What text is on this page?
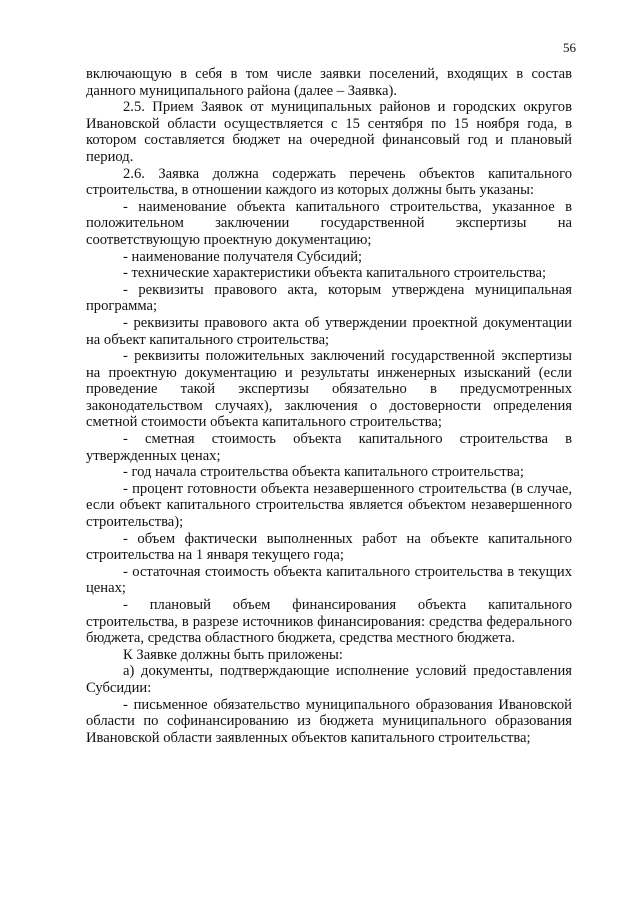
56

включающую в себя в том числе заявки поселений, входящих в состав данного муниципального района (далее – Заявка).

2.5. Прием Заявок от муниципальных районов и городских округов Ивановской области осуществляется с 15 сентября по 15 ноября года, в котором составляется бюджет на очередной финансовый год и плановый период.

2.6. Заявка должна содержать перечень объектов капитального строительства, в отношении каждого из которых должны быть указаны:

- наименование объекта капитального строительства, указанное в положительном заключении государственной экспертизы на соответствующую проектную документацию;

- наименование получателя Субсидий;

- технические характеристики объекта капитального строительства;

- реквизиты правового акта, которым утверждена муниципальная программа;

- реквизиты правового акта об утверждении проектной документации на объект капитального строительства;

- реквизиты положительных заключений государственной экспертизы на проектную документацию и результаты инженерных изысканий (если проведение такой экспертизы обязательно в предусмотренных законодательством случаях), заключения о достоверности определения сметной стоимости объекта капитального строительства;

- сметная стоимость объекта капитального строительства в утвержденных ценах;

- год начала строительства объекта капитального строительства;

- процент готовности объекта незавершенного строительства (в случае, если объект капитального строительства является объектом незавершенного строительства);

- объем фактически выполненных работ на объекте капитального строительства на 1 января текущего года;

- остаточная стоимость объекта капитального строительства в текущих ценах;

- плановый объем финансирования объекта капитального строительства, в разрезе источников финансирования: средства федерального бюджета, средства областного бюджета, средства местного бюджета.

К Заявке должны быть приложены:

а) документы, подтверждающие исполнение условий предоставления Субсидии:

- письменное обязательство муниципального образования Ивановской области по софинансированию из бюджета муниципального образования Ивановской области заявленных объектов капитального строительства;
